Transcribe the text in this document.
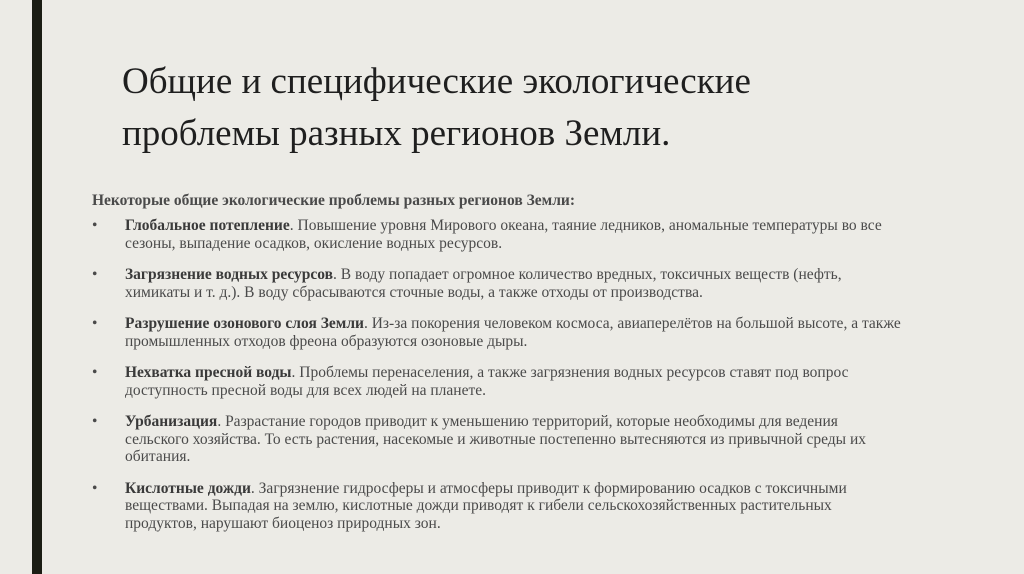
Общие и специфические экологические
проблемы разных регионов Земли.

Некоторые общие экологические проблемы разных регионов Земли:

•	Глобальное потепление. Повышение уровня Мирового океана, таяние ледников, аномальные температуры во все сезоны, выпадение осадков, окисление водных ресурсов.
•	Загрязнение водных ресурсов. В воду попадает огромное количество вредных, токсичных веществ (нефть, химикаты и т. д.). В воду сбрасываются сточные воды, а также отходы от производства.
•	Разрушение озонового слоя Земли. Из-за покорения человеком космоса, авиаперелётов на большой высоте, а также промышленных отходов фреона образуются озоновые дыры.
•	Нехватка пресной воды. Проблемы перенаселения, а также загрязнения водных ресурсов ставят под вопрос доступность пресной воды для всех людей на планете.
•	Урбанизация. Разрастание городов приводит к уменьшению территорий, которые необходимы для ведения сельского хозяйства. То есть растения, насекомые и животные постепенно вытесняются из привычной среды их обитания.
•	Кислотные дожди. Загрязнение гидросферы и атмосферы приводит к формированию осадков с токсичными веществами. Выпадая на землю, кислотные дожди приводят к гибели сельскохозяйственных растительных продуктов, нарушают биоценоз природных зон.
